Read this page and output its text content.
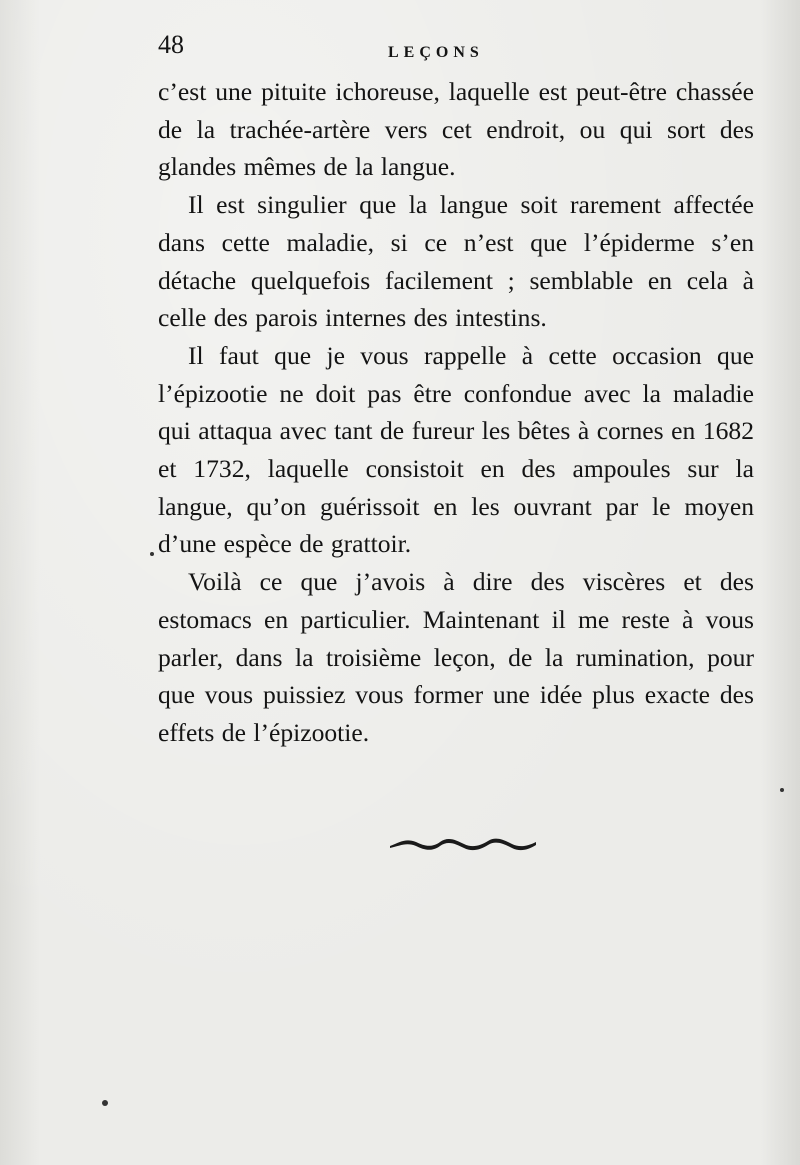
48	LEÇONS

c’est une pituite ichoreuse, laquelle est peut-être chassée de la trachée-artère vers cet endroit, ou qui sort des glandes mêmes de la langue.

Il est singulier que la langue soit rarement affectée dans cette maladie, si ce n’est que l’épiderme s’en détache quelquefois facilement ; semblable en cela à celle des parois internes des intestins.

Il faut que je vous rappelle à cette occasion que l’épizootie ne doit pas être confondue avec la maladie qui attaqua avec tant de fureur les bêtes à cornes en 1682 et 1732, laquelle consistoit en des ampoules sur la langue, qu’on guérissoit en les ouvrant par le moyen d’une espèce de grattoir.

Voilà ce que j’avois à dire des viscères et des estomacs en particulier. Maintenant il me reste à vous parler, dans la troisième leçon, de la rumination, pour que vous puissiez vous former une idée plus exacte des effets de l’épizootie.
